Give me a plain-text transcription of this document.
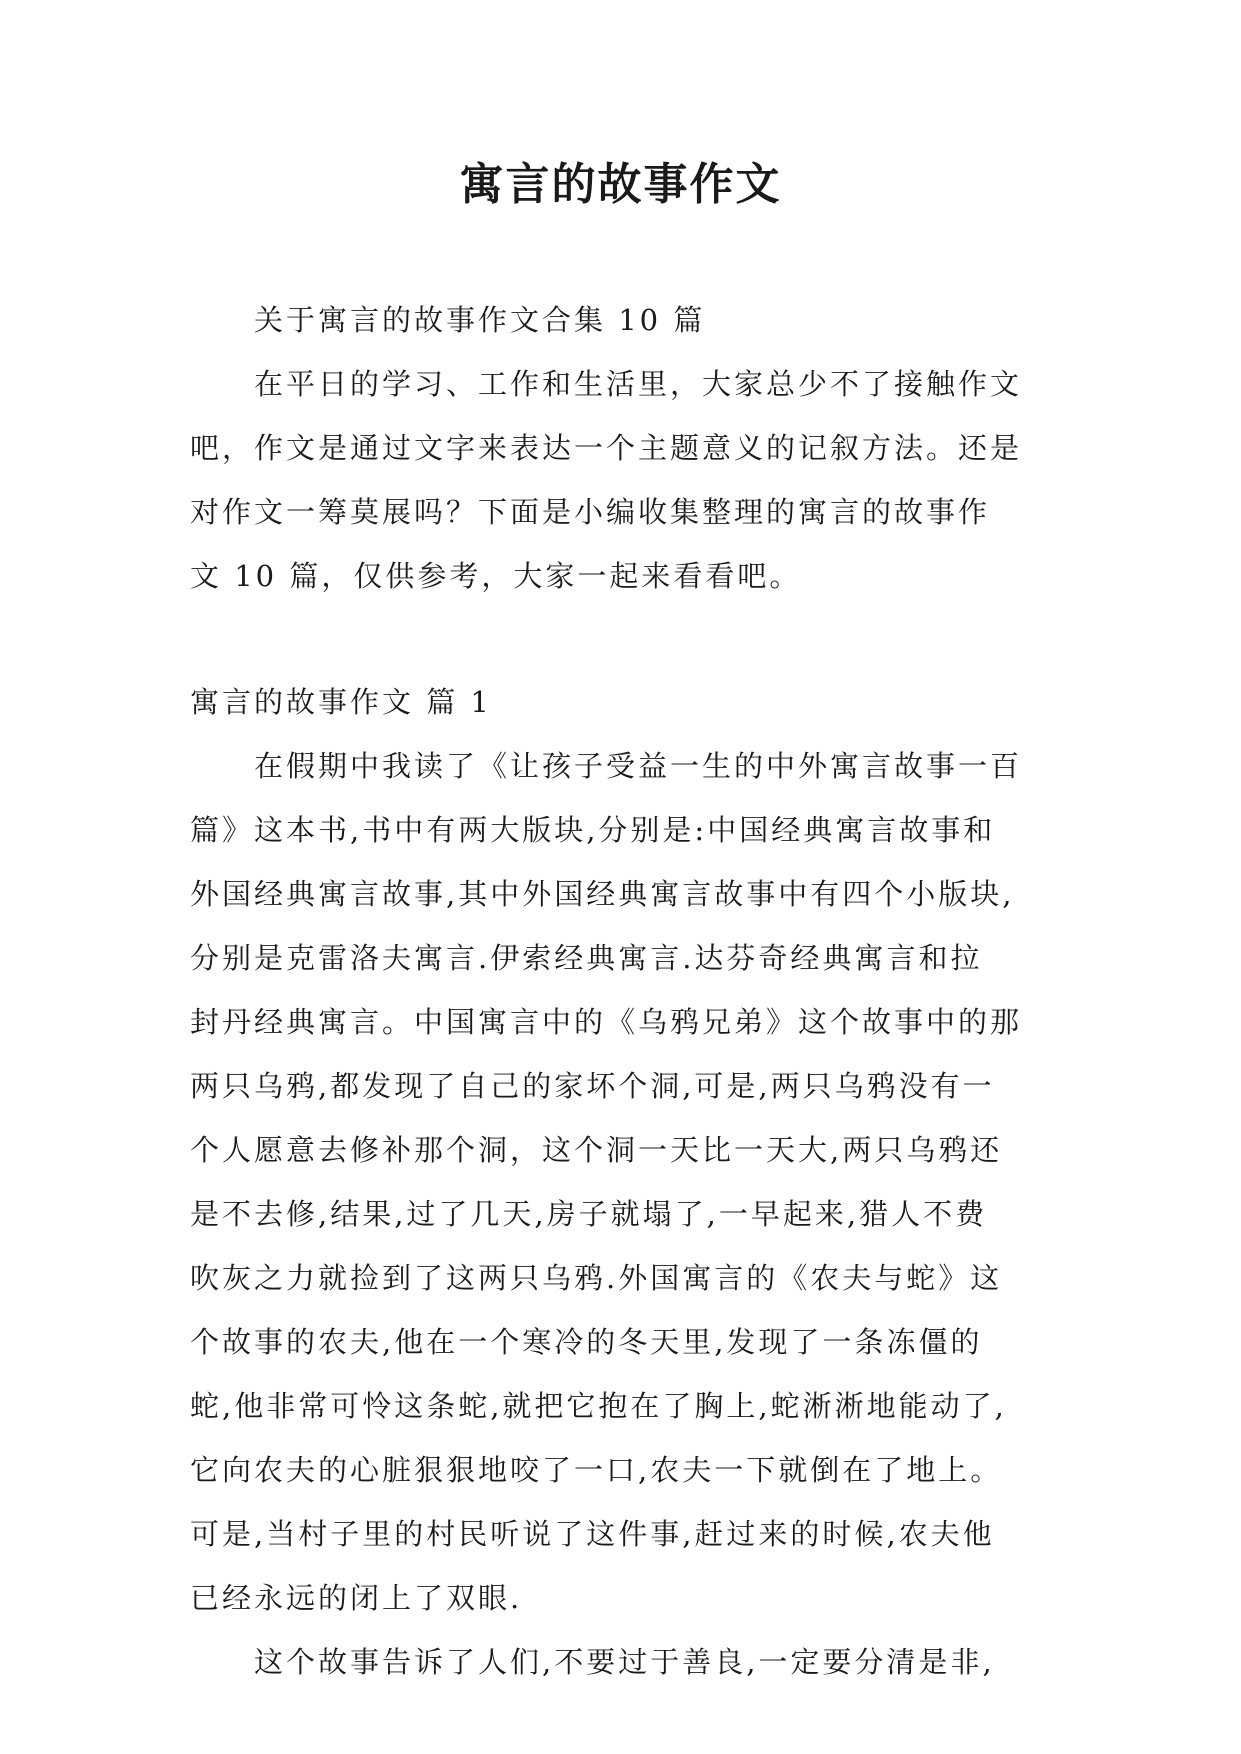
寓言的故事作文

关于寓言的故事作文合集 10 篇

在平日的学习、工作和生活里，大家总少不了接触作文

吧，作文是通过文字来表达一个主题意义的记叙方法。还是

对作文一筹莫展吗？下面是小编收集整理的寓言的故事作

文 10 篇，仅供参考，大家一起来看看吧。

寓言的故事作文 篇 1

在假期中我读了《让孩子受益一生的中外寓言故事一百

篇》这本书,书中有两大版块,分别是:中国经典寓言故事和

外国经典寓言故事,其中外国经典寓言故事中有四个小版块,

分别是克雷洛夫寓言.伊索经典寓言.达芬奇经典寓言和拉

封丹经典寓言。中国寓言中的《乌鸦兄弟》这个故事中的那

两只乌鸦,都发现了自己的家坏个洞,可是,两只乌鸦没有一

个人愿意去修补那个洞，这个洞一天比一天大,两只乌鸦还

是不去修,结果,过了几天,房子就塌了,一早起来,猎人不费

吹灰之力就捡到了这两只乌鸦.外国寓言的《农夫与蛇》这

个故事的农夫,他在一个寒冷的冬天里,发现了一条冻僵的

蛇,他非常可怜这条蛇,就把它抱在了胸上,蛇淅淅地能动了,

它向农夫的心脏狠狠地咬了一口,农夫一下就倒在了地上。

可是,当村子里的村民听说了这件事,赶过来的时候,农夫他

已经永远的闭上了双眼.

这个故事告诉了人们,不要过于善良,一定要分清是非,
